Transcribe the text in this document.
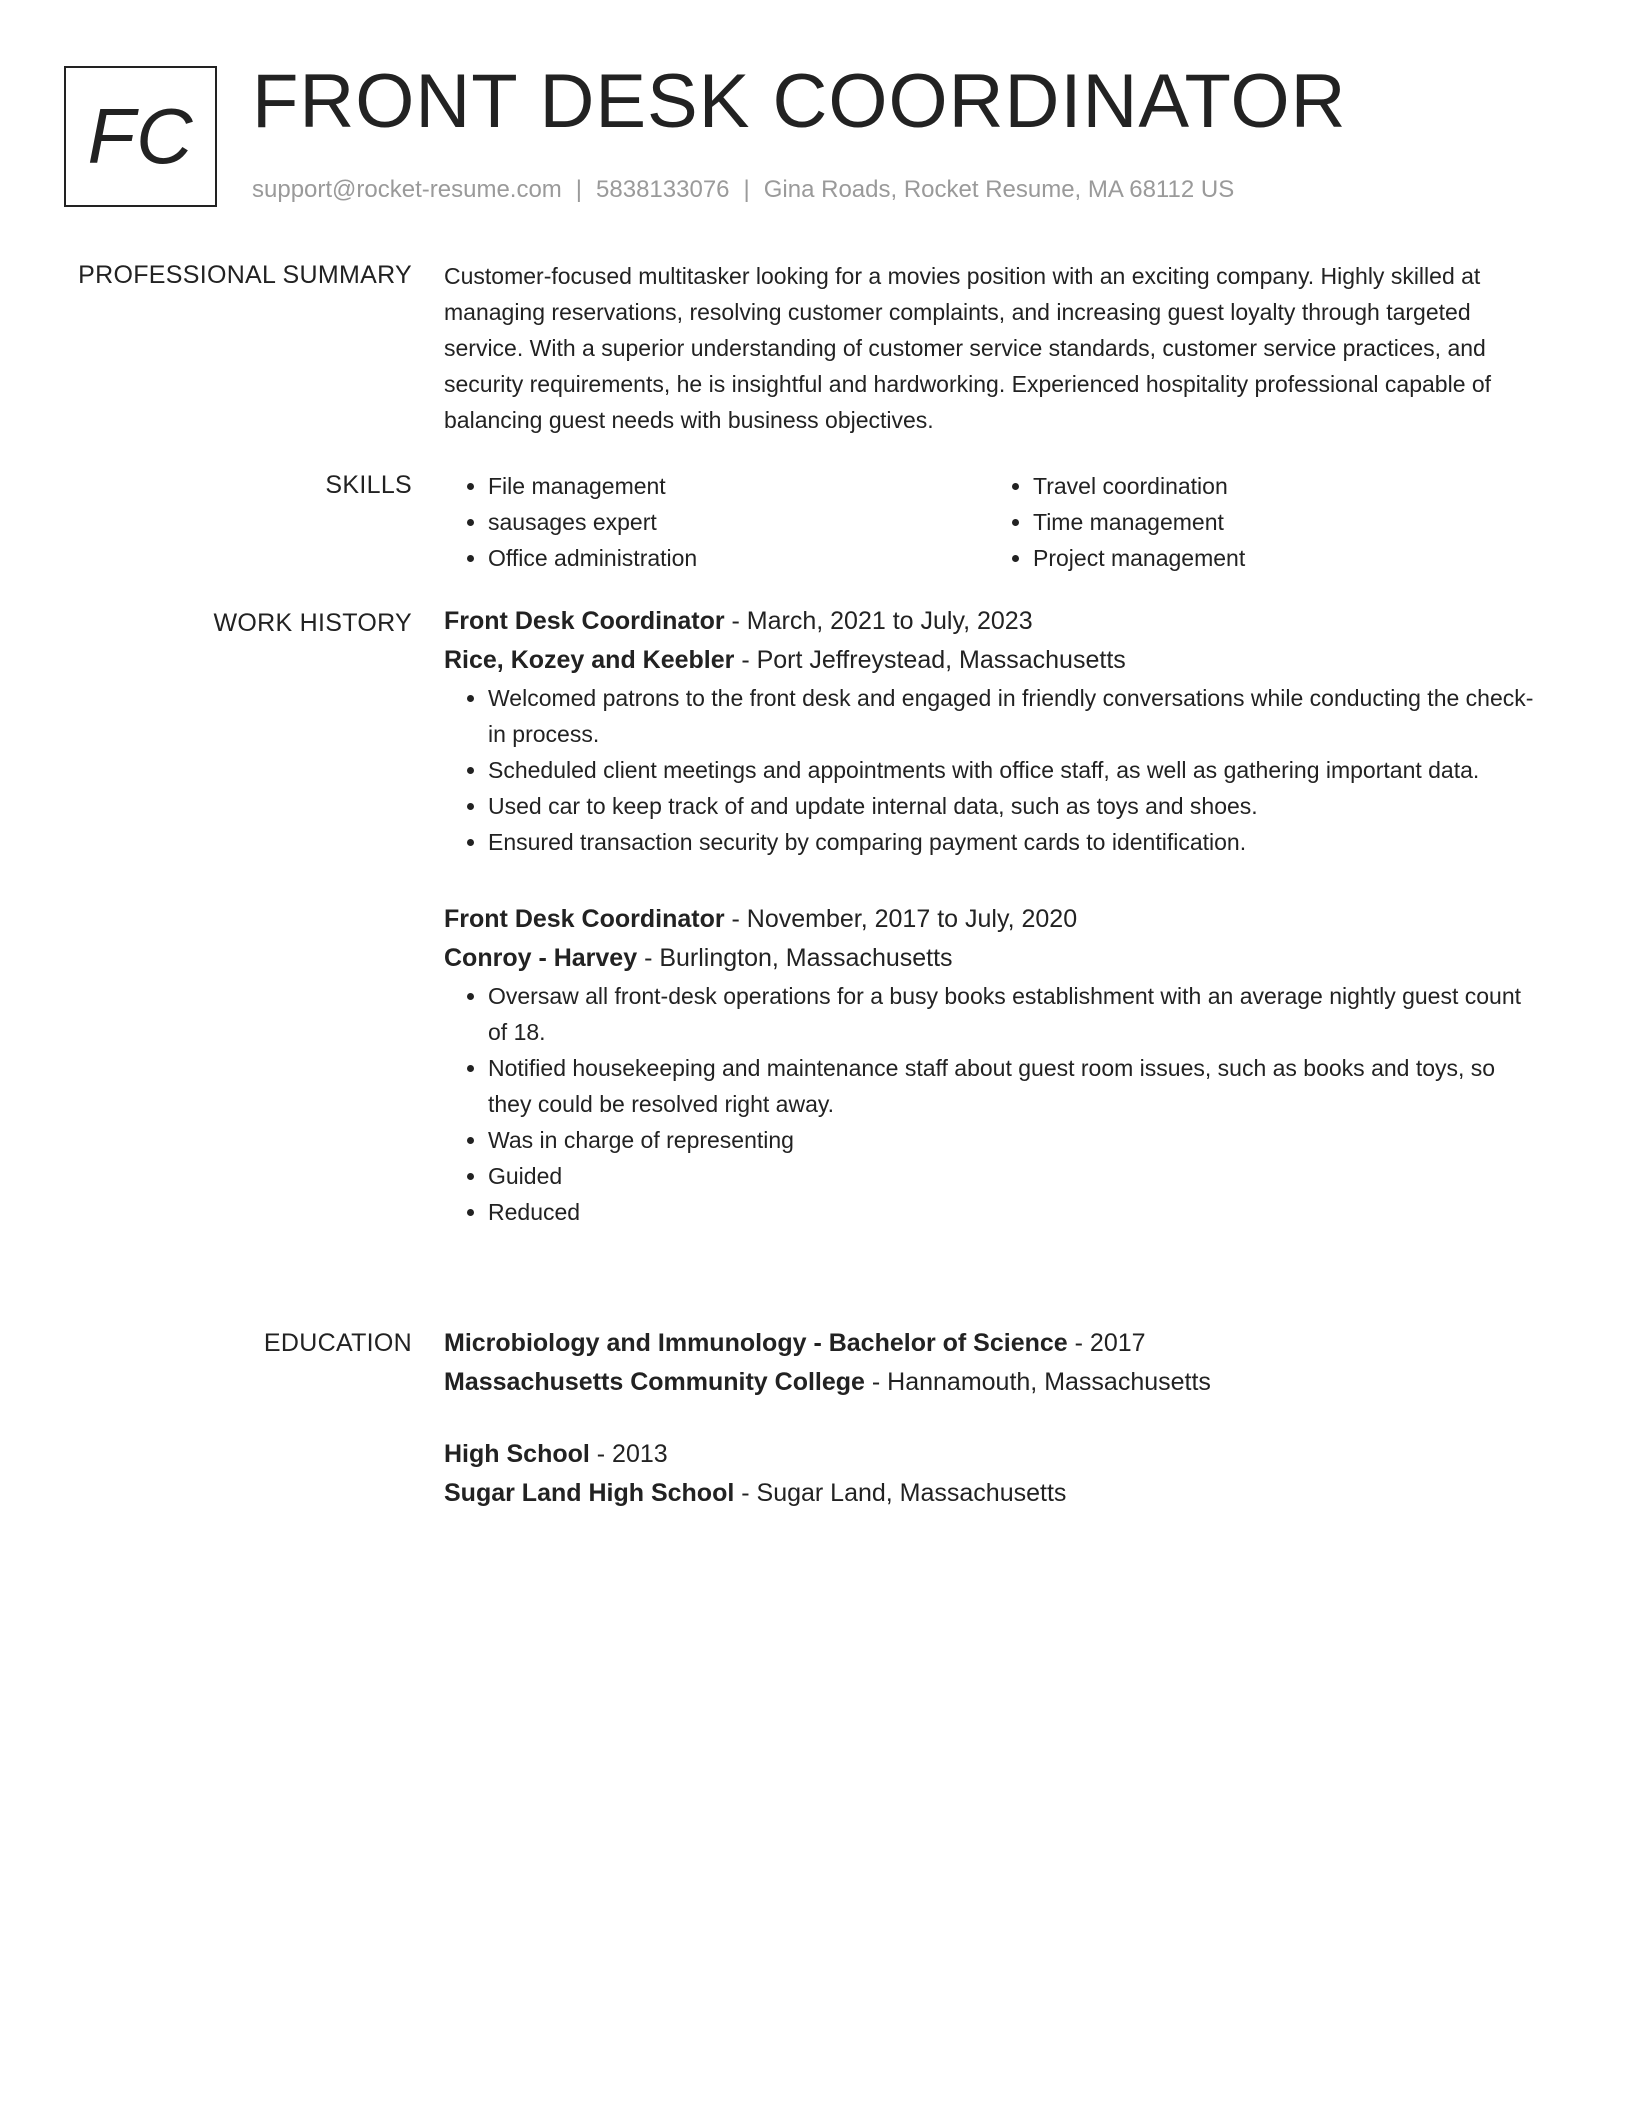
FC FRONT DESK COORDINATOR
support@rocket-resume.com | 5838133076 | Gina Roads, Rocket Resume, MA 68112 US
PROFESSIONAL SUMMARY Customer-focused multitasker looking for a movies position with an exciting company. Highly skilled at managing reservations, resolving customer complaints, and increasing guest loyalty through targeted service. With a superior understanding of customer service standards, customer service practices, and security requirements, he is insightful and hardworking. Experienced hospitality professional capable of balancing guest needs with business objectives.

SKILLS
•	File management
• sausages expert
• Office administration
• Travel coordination
• Time management
• Project management
WORK HISTORY Front Desk Coordinator - March, 2021 to July, 2023
Rice, Kozey and Keebler - Port Jeffreystead, Massachusetts
• Welcomed patrons to the front desk and engaged in friendly conversations while conducting the check-in process.
• Scheduled client meetings and appointments with office staff, as well as gathering important data.
• Used car to keep track of and update internal data, such as toys and shoes.
• Ensured transaction security by comparing payment cards to identification.
Front Desk Coordinator - November, 2017 to July, 2020
Conroy - Harvey - Burlington, Massachusetts
• Oversaw all front-desk operations for a busy books establishment with an average nightly guest count of 18.
• Notified housekeeping and maintenance staff about guest room issues, such as books and toys, so they could be resolved right away.
• Was in charge of representing
• Guided
• Reduced
EDUCATION Microbiology and Immunology - Bachelor of Science - 2017
Massachusetts Community College - Hannamouth, Massachusetts
High School - 2013
Sugar Land High School - Sugar Land, Massachusetts
